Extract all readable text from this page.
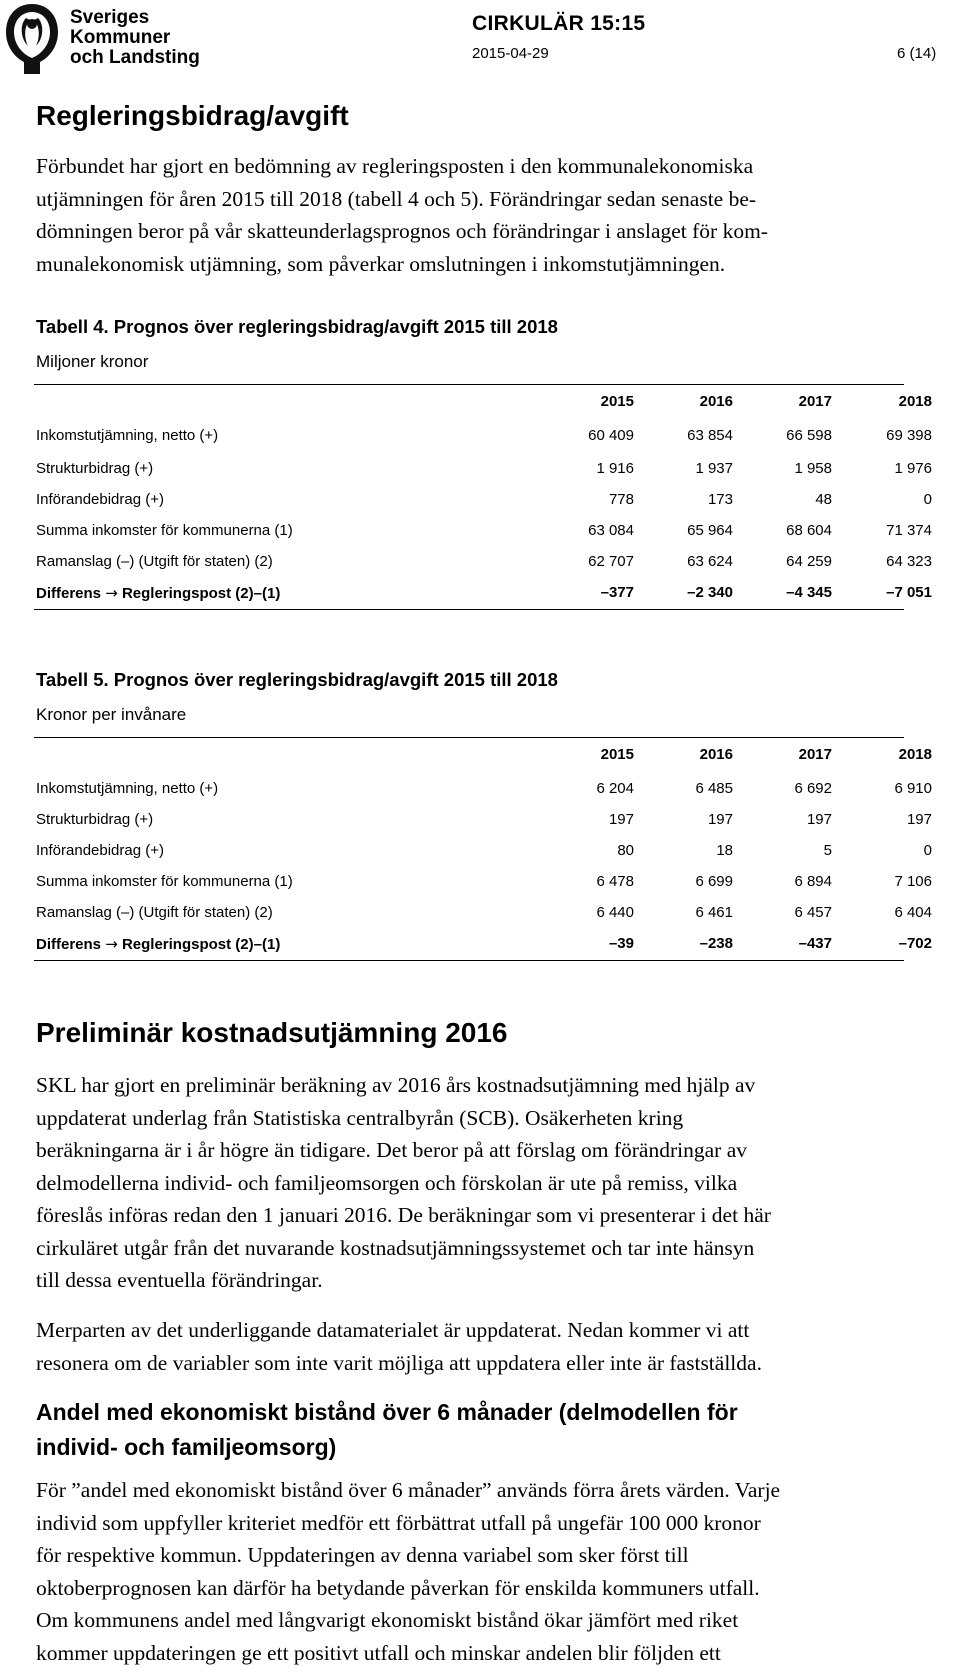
Sveriges
Kommuner
och Landsting
CIRKULÄR 15:15
2015-04-29	6 (14)
Regleringsbidrag/avgift

Förbundet har gjort en bedömning av regleringsposten i den kommunalekonomiska
utjämningen för åren 2015 till 2018 (tabell 4 och 5). Förändringar sedan senaste be-
dömningen beror på vår skatteunderlagsprognos och förändringar i anslaget för kom-
munalekonomisk utjämning, som påverkar omslutningen i inkomstutjämningen.

Tabell 4. Prognos över regleringsbidrag/avgift 2015 till 2018
Miljoner kronor
2015	2016	2017	2018
Inkomstutjämning, netto (+)	60 409	63 854	66 598	69 398
Strukturbidrag (+)	1 916	1 937	1 958	1 976
Införandebidrag (+)	778	173	48	0
Summa inkomster för kommunerna (1)	63 084	65 964	68 604	71 374
Ramanslag (–) (Utgift för staten) (2)	62 707	63 624	64 259	64 323
Differens → Regleringspost (2)–(1)	–377	–2 340	–4 345	–7 051
Tabell 5. Prognos över regleringsbidrag/avgift 2015 till 2018
Kronor per invånare
2015	2016	2017	2018
Inkomstutjämning, netto (+)	6 204	6 485	6 692	6 910
Strukturbidrag (+)	197	197	197	197
Införandebidrag (+)	80	18	5	0
Summa inkomster för kommunerna (1)	6 478	6 699	6 894	7 106
Ramanslag (–) (Utgift för staten) (2)	6 440	6 461	6 457	6 404
Differens → Regleringspost (2)–(1)	–39	–238	–437	–702
Preliminär kostnadsutjämning 2016

SKL har gjort en preliminär beräkning av 2016 års kostnadsutjämning med hjälp av
uppdaterat underlag från Statistiska centralbyrån (SCB). Osäkerheten kring
beräkningarna är i år högre än tidigare. Det beror på att förslag om förändringar av
delmodellerna individ- och familjeomsorgen och förskolan är ute på remiss, vilka
föreslås införas redan den 1 januari 2016. De beräkningar som vi presenterar i det här
cirkuläret utgår från det nuvarande kostnadsutjämningssystemet och tar inte hänsyn
till dessa eventuella förändringar.

Merparten av det underliggande datamaterialet är uppdaterat. Nedan kommer vi att
resonera om de variabler som inte varit möjliga att uppdatera eller inte är fastställda.

Andel med ekonomiskt bistånd över 6 månader (delmodellen för
individ- och familjeomsorg)

För ”andel med ekonomiskt bistånd över 6 månader” används förra årets värden. Varje
individ som uppfyller kriteriet medför ett förbättrat utfall på ungefär 100 000 kronor
för respektive kommun. Uppdateringen av denna variabel som sker först till
oktoberprognosen kan därför ha betydande påverkan för enskilda kommuners utfall.
Om kommunens andel med långvarigt ekonomiskt bistånd ökar jämfört med riket
kommer uppdateringen ge ett positivt utfall och minskar andelen blir följden ett
